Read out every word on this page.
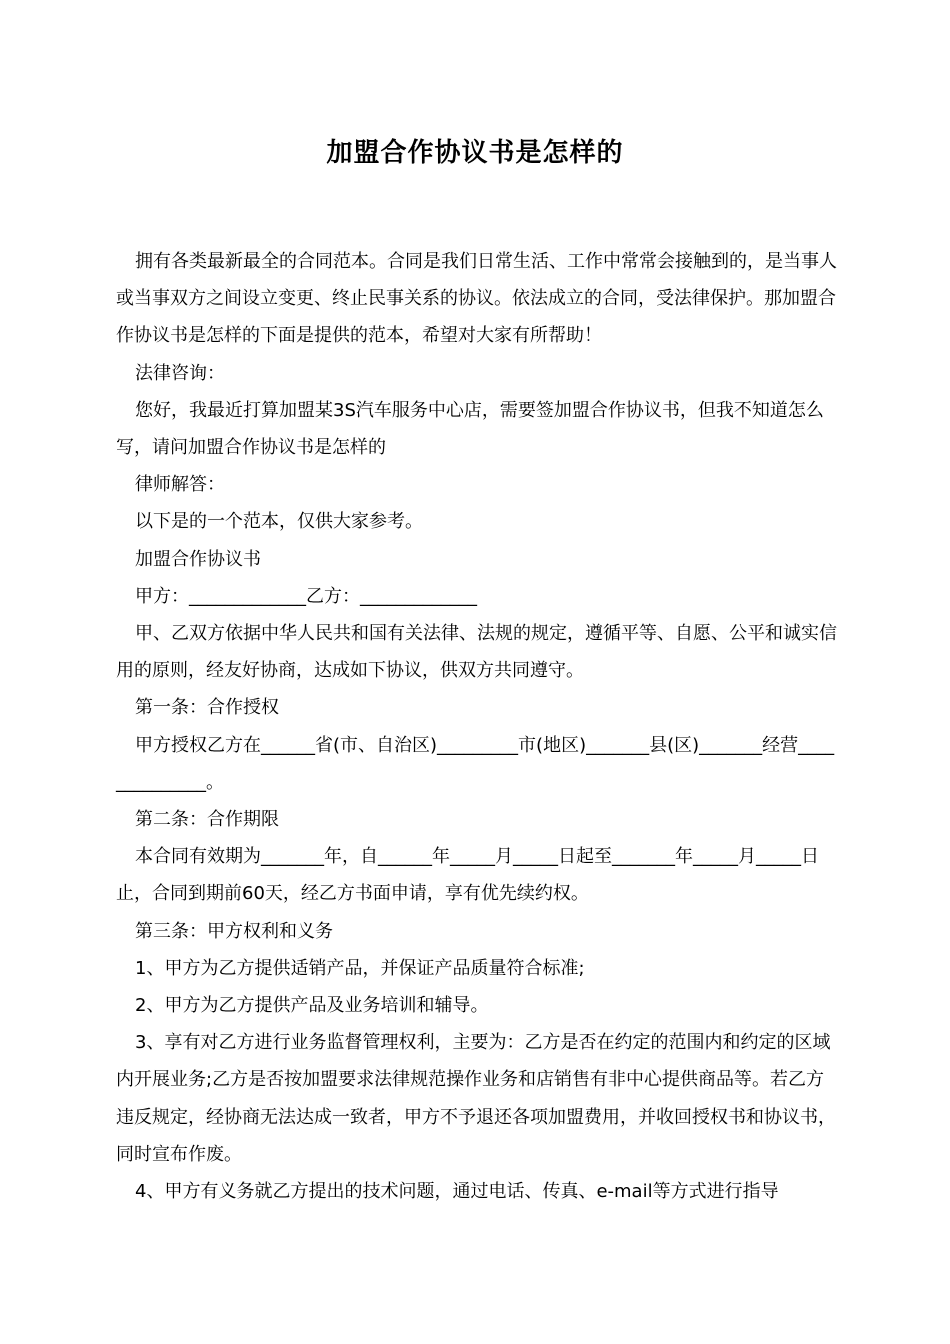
加盟合作协议书是怎样的

拥有各类最新最全的合同范本。合同是我们日常生活、工作中常常会接触到的，是当事人或当事双方之间设立变更、终止民事关系的协议。依法成立的合同，受法律保护。那加盟合作协议书是怎样的下面是提供的范本，希望对大家有所帮助！

法律咨询：

您好，我最近打算加盟某3S汽车服务中心店，需要签加盟合作协议书，但我不知道怎么写，请问加盟合作协议书是怎样的

律师解答：

以下是的一个范本，仅供大家参考。

加盟合作协议书

甲方：_____________乙方：_____________

甲、乙双方依据中华人民共和国有关法律、法规的规定，遵循平等、自愿、公平和诚实信用的原则，经友好协商，达成如下协议，供双方共同遵守。

第一条：合作授权

甲方授权乙方在______省(市、自治区)_________市(地区)_______县(区)_______经营______________。

第二条：合作期限

本合同有效期为_______年，自______年_____月_____日起至_______年_____月_____日止，合同到期前60天，经乙方书面申请，享有优先续约权。

第三条：甲方权利和义务

1、甲方为乙方提供适销产品，并保证产品质量符合标准;

2、甲方为乙方提供产品及业务培训和辅导。

3、享有对乙方进行业务监督管理权利，主要为：乙方是否在约定的范围内和约定的区域内开展业务;乙方是否按加盟要求法律规范操作业务和店销售有非中心提供商品等。若乙方违反规定，经协商无法达成一致者，甲方不予退还各项加盟费用，并收回授权书和协议书，同时宣布作废。

4、甲方有义务就乙方提出的技术问题，通过电话、传真、e-mail等方式进行指导
